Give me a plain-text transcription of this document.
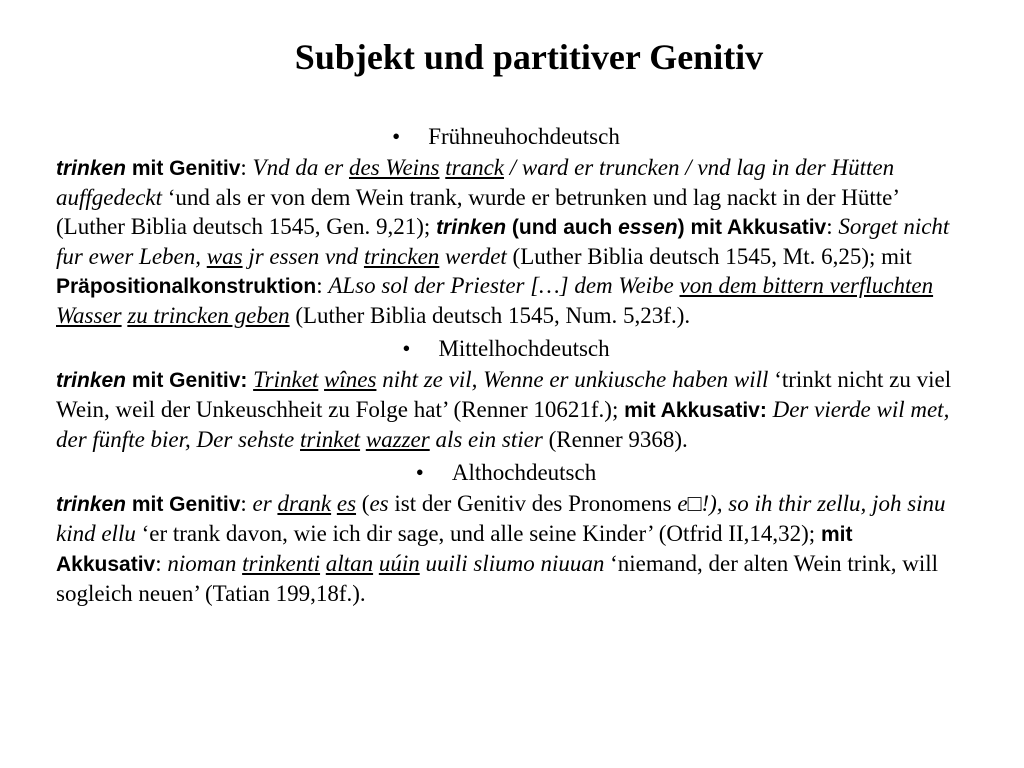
Subjekt und partitiver Genitiv
• Frühneuhochdeutsch

trinken mit Genitiv: Vnd da er des Weins tranck / ward er truncken / vnd lag in der Hütten auffgedeckt ‘und als er von dem Wein trank, wurde er betrunken und lag nackt in der Hütte’ (Luther Biblia deutsch 1545, Gen. 9,21); trinken (und auch essen) mit Akkusativ: Sorget nicht fur ewer Leben, was jr essen vnd trincken werdet (Luther Biblia deutsch 1545, Mt. 6,25); mit Präpositionalkonstruktion: ALso sol der Priester […] dem Weibe von dem bittern verfluchten Wasser zu trincken geben (Luther Biblia deutsch 1545, Num. 5,23f.).

• Mittelhochdeutsch

trinken mit Genitiv: Trinket wînes niht ze vil, Wenne er unkiusche haben will ‘trinkt nicht zu viel Wein, weil der Unkeuschheit zu Folge hat’ (Renner 10621f.); mit Akkusativ: Der vierde wil met, der fünfte bier, Der sehste trinket wazzer als ein stier (Renner 9368).

• Althochdeutsch

trinken mit Genitiv: er drank es (es ist der Genitiv des Pronomens e□!), so ih thir zellu, joh sinu kind ellu ‘er trank davon, wie ich dir sage, und alle seine Kinder’ (Otfrid II,14,32); mit Akkusativ: nioman trinkenti altan uúin uuili sliumo niuuan ‘niemand, der alten Wein trink, will sogleich neuen’ (Tatian 199,18f.).
